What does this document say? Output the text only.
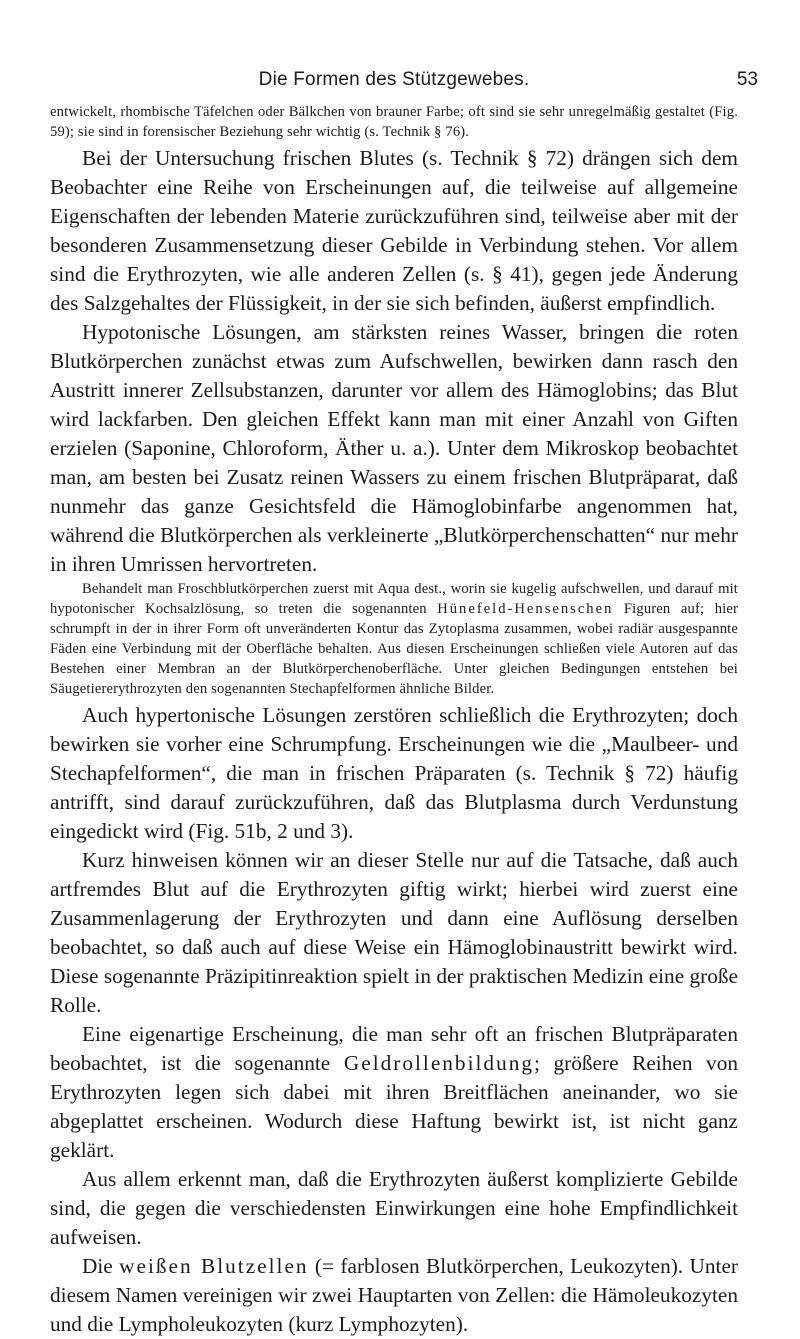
Die Formen des Stützgewebes.	53

entwickelt, rhombische Täfelchen oder Bälkchen von brauner Farbe; oft sind sie sehr unregelmäßig gestaltet (Fig. 59); sie sind in forensischer Beziehung sehr wichtig (s. Technik § 76).

Bei der Untersuchung frischen Blutes (s. Technik § 72) drängen sich dem Beobachter eine Reihe von Erscheinungen auf, die teilweise auf allgemeine Eigenschaften der lebenden Materie zurückzuführen sind, teilweise aber mit der besonderen Zusammensetzung dieser Gebilde in Verbindung stehen. Vor allem sind die Erythrozyten, wie alle anderen Zellen (s. § 41), gegen jede Änderung des Salzgehaltes der Flüssigkeit, in der sie sich befinden, äußerst empfindlich.

Hypotonische Lösungen, am stärksten reines Wasser, bringen die roten Blutkörperchen zunächst etwas zum Aufschwellen, bewirken dann rasch den Austritt innerer Zellsubstanzen, darunter vor allem des Hämoglobins; das Blut wird lackfarben. Den gleichen Effekt kann man mit einer Anzahl von Giften erzielen (Saponine, Chloroform, Äther u. a.). Unter dem Mikroskop beobachtet man, am besten bei Zusatz reinen Wassers zu einem frischen Blutpräparat, daß nunmehr das ganze Gesichtsfeld die Hämoglobinfarbe angenommen hat, während die Blutkörperchen als verkleinerte „Blutkörperchenschatten“ nur mehr in ihren Umrissen hervortreten.

Behandelt man Froschblutkörperchen zuerst mit Aqua dest., worin sie kugelig aufschwellen, und darauf mit hypotonischer Kochsalzlösung, so treten die sogenannten Hünefeld-Hensenschen Figuren auf; hier schrumpft in der in ihrer Form oft unveränderten Kontur das Zytoplasma zusammen, wobei radiär ausgespannte Fäden eine Verbindung mit der Oberfläche behalten. Aus diesen Erscheinungen schließen viele Autoren auf das Bestehen einer Membran an der Blutkörperchenoberfläche. Unter gleichen Bedingungen entstehen bei Säugetiererythrozyten den sogenannten Stechapfelformen ähnliche Bilder.

Auch hypertonische Lösungen zerstören schließlich die Erythrozyten; doch bewirken sie vorher eine Schrumpfung. Erscheinungen wie die „Maulbeer- und Stechapfelformen“, die man in frischen Präparaten (s. Technik § 72) häufig antrifft, sind darauf zurückzuführen, daß das Blutplasma durch Verdunstung eingedickt wird (Fig. 51b, 2 und 3).

Kurz hinweisen können wir an dieser Stelle nur auf die Tatsache, daß auch artfremdes Blut auf die Erythrozyten giftig wirkt; hierbei wird zuerst eine Zusammenlagerung der Erythrozyten und dann eine Auflösung derselben beobachtet, so daß auch auf diese Weise ein Hämoglobinaustritt bewirkt wird. Diese sogenannte Präzipitinreaktion spielt in der praktischen Medizin eine große Rolle.

Eine eigenartige Erscheinung, die man sehr oft an frischen Blutpräparaten beobachtet, ist die sogenannte Geldrollenbildung; größere Reihen von Erythrozyten legen sich dabei mit ihren Breitflächen aneinander, wo sie abgeplattet erscheinen. Wodurch diese Haftung bewirkt ist, ist nicht ganz geklärt.

Aus allem erkennt man, daß die Erythrozyten äußerst komplizierte Gebilde sind, die gegen die verschiedensten Einwirkungen eine hohe Empfindlichkeit aufweisen.

Die weißen Blutzellen (= farblosen Blutkörperchen, Leukozyten). Unter diesem Namen vereinigen wir zwei Hauptarten von Zellen: die Hämoleukozyten und die Lympholeukozyten (kurz Lymphozyten).
